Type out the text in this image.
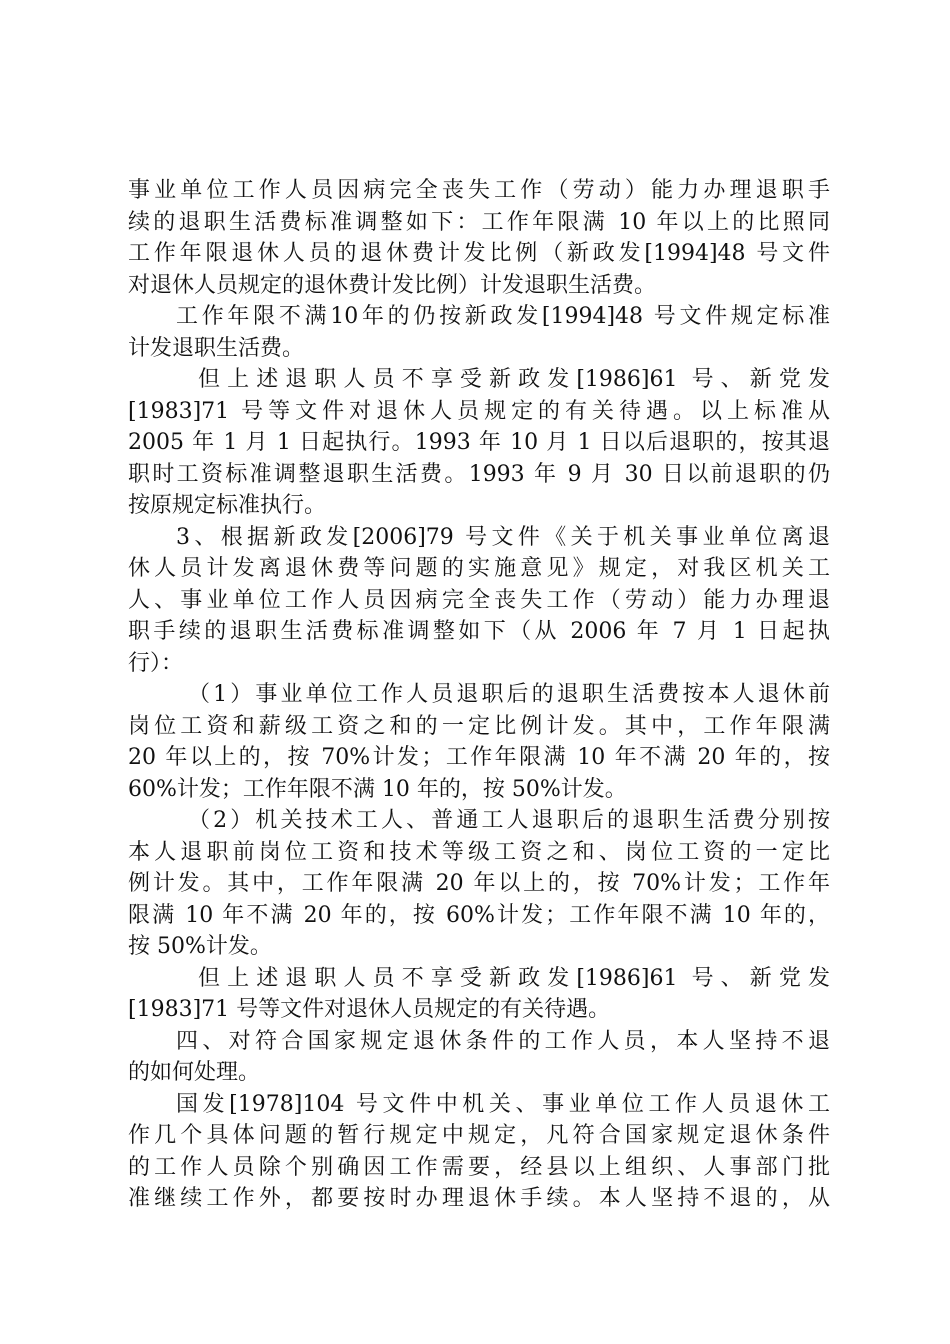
事业单位工作人员因病完全丧失工作（劳动）能力办理退职手
续的退职生活费标准调整如下：工作年限满 10 年以上的比照同
工作年限退休人员的退休费计发比例（新政发[1994]48 号文件
对退休人员规定的退休费计发比例）计发退职生活费。
工作年限不满10年的仍按新政发[1994]48 号文件规定标准
计发退职生活费。
但上述退职人员不享受新政发[1986]61 号、新党发
[1983]71 号等文件对退休人员规定的有关待遇。以上标准从
2005 年 1 月 1 日起执行。1993 年 10 月 1 日以后退职的，按其退
职时工资标准调整退职生活费。1993 年 9 月 30 日以前退职的仍
按原规定标准执行。
3、根据新政发[2006]79 号文件《关于机关事业单位离退
休人员计发离退休费等问题的实施意见》规定，对我区机关工
人、事业单位工作人员因病完全丧失工作（劳动）能力办理退
职手续的退职生活费标准调整如下（从 2006 年 7 月 1 日起执
行）：
（1）事业单位工作人员退职后的退职生活费按本人退休前
岗位工资和薪级工资之和的一定比例计发。其中，工作年限满
20 年以上的，按 70%计发；工作年限满 10 年不满 20 年的，按
60%计发；工作年限不满 10 年的，按 50%计发。
（2）机关技术工人、普通工人退职后的退职生活费分别按
本人退职前岗位工资和技术等级工资之和、岗位工资的一定比
例计发。其中，工作年限满 20 年以上的，按 70%计发；工作年
限满 10 年不满 20 年的，按 60%计发；工作年限不满 10 年的，
按 50%计发。
但上述退职人员不享受新政发[1986]61 号、新党发
[1983]71 号等文件对退休人员规定的有关待遇。
四、对符合国家规定退休条件的工作人员，本人坚持不退
的如何处理。
国发[1978]104 号文件中机关、事业单位工作人员退休工
作几个具体问题的暂行规定中规定，凡符合国家规定退休条件
的工作人员除个别确因工作需要，经县以上组织、人事部门批
准继续工作外，都要按时办理退休手续。本人坚持不退的，从
